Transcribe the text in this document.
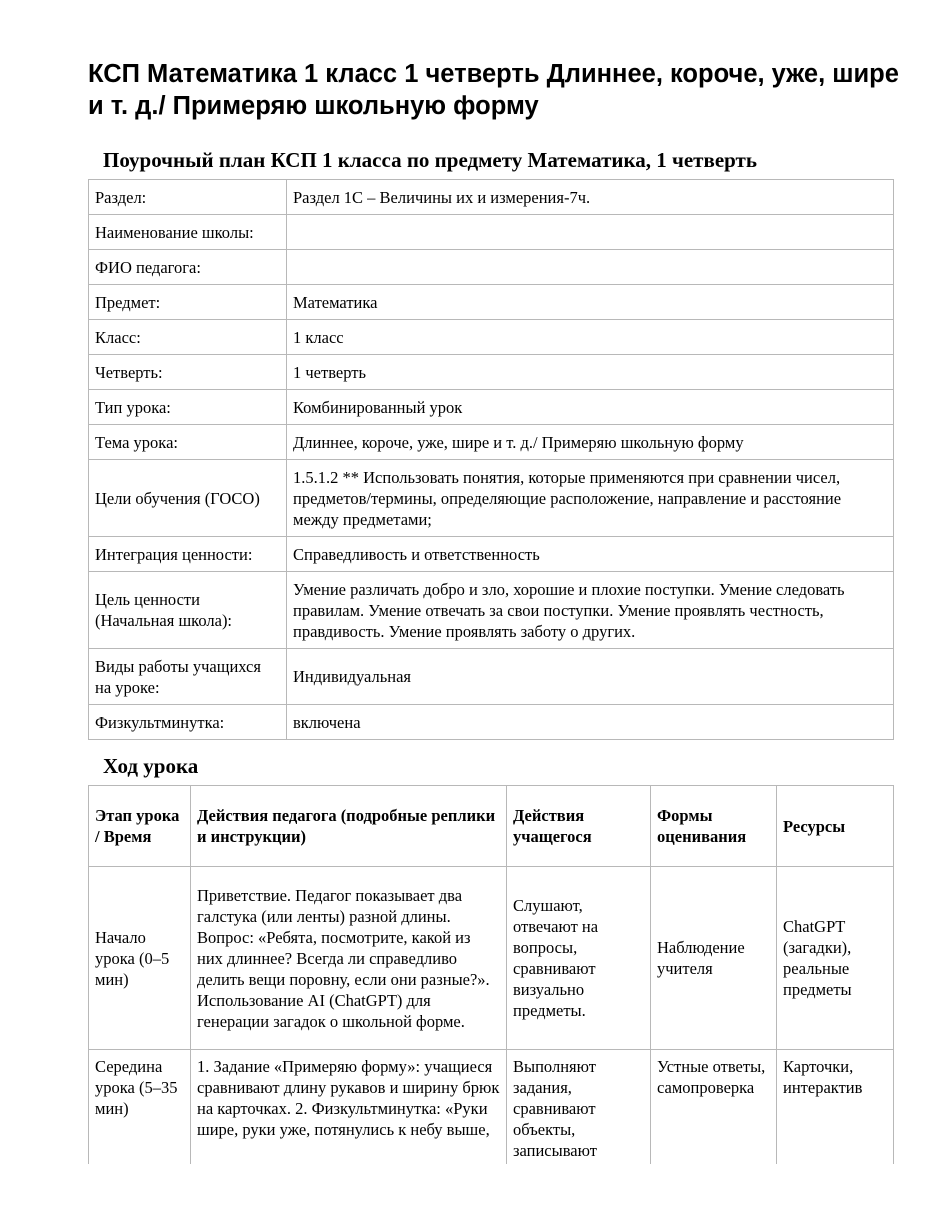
КСП Математика 1 класс 1 четверть Длиннее, короче, уже, шире и т. д./ Примеряю школьную форму
Поурочный план КСП 1 класса по предмету Математика, 1 четверть
Раздел:	Раздел 1С – Величины их и измерения-7ч.
Наименование школы:	
ФИО педагога:	
Предмет:	Математика
Класс:	1 класс
Четверть:	1 четверть
Тип урока:	Комбинированный урок
Тема урока:	Длиннее, короче, уже, шире и т. д./ Примеряю школьную форму
Цели обучения (ГОСО)	1.5.1.2 ** Использовать понятия, которые применяются при сравнении чисел, предметов/термины, определяющие расположение, направление и расстояние между предметами;
Интеграция ценности:	Справедливость и ответственность
Цель ценности (Начальная школа):	Умение различать добро и зло, хорошие и плохие поступки. Умение следовать правилам. Умение отвечать за свои поступки. Умение проявлять честность, правдивость. Умение проявлять заботу о других.
Виды работы учащихся на уроке:	Индивидуальная
Физкультминутка:	включена
Ход урока
Этап урока / Время	Действия педагога (подробные реплики и инструкции)	Действия учащегося	Формы оценивания	Ресурсы
Начало урока (0–5 мин)	Приветствие. Педагог показывает два галстука (или ленты) разной длины. Вопрос: «Ребята, посмотрите, какой из них длиннее? Всегда ли справедливо делить вещи поровну, если они разные?». Использование AI (ChatGPT) для генерации загадок о школьной форме.	Слушают, отвечают на вопросы, сравнивают визуально предметы.	Наблюдение учителя	ChatGPT (загадки), реальные предметы
Середина урока (5–35 мин)	1. Задание «Примеряю форму»: учащиеся сравнивают длину рукавов и ширину брюк на карточках. 2. Физкультминутка: «Руки шире, руки уже, потянулись к небу выше,	Выполняют задания, сравнивают объекты, записывают	Устные ответы, самопроверка	Карточки, интерактив
